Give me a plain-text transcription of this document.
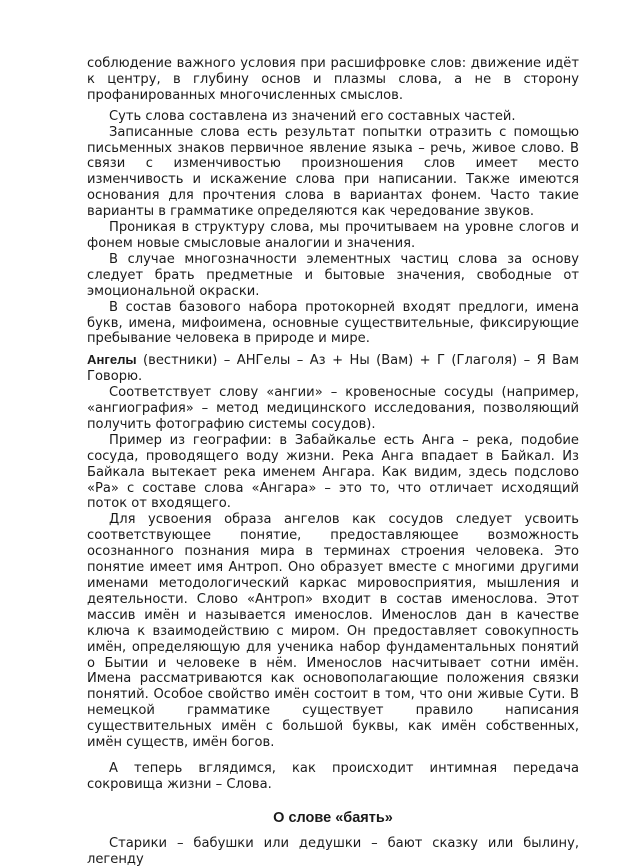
соблюдение важного условия при расшифровке слов: движение идёт к центру, в глубину основ и плазмы слова, а не в сторону профанированных многочисленных смыслов.

Суть слова составлена из значений его составных частей.

Записанные слова есть результат попытки отразить с помощью письменных знаков первичное явление языка – речь, живое слово. В связи с изменчивостью произношения слов имеет место изменчивость и искажение слова при написании. Также имеются основания для прочтения слова в вариантах фонем. Часто такие варианты в грамматике определяются как чередование звуков.

Проникая в структуру слова, мы прочитываем на уровне слогов и фонем новые смысловые аналогии и значения.

В случае многозначности элементных частиц слова за основу следует брать предметные и бытовые значения, свободные от эмоциональной окраски.

В состав базового набора протокорней входят предлоги, имена букв, имена, мифоимена, основные существительные, фиксирующие пребывание человека в природе и мире.

Ангелы (вестники) – АНГелы – Аз + Ны (Вам) + Г (Глаголя) – Я Вам Говорю.

Соответствует слову «ангии» – кровеносные сосуды (например, «ангиография» – метод медицинского исследования, позволяющий получить фотографию системы сосудов).

Пример из географии: в Забайкалье есть Анга – река, подобие сосуда, проводящего воду жизни. Река Анга впадает в Байкал. Из Байкала вытекает река именем Ангара. Как видим, здесь подслово «Ра» с составе слова «Ангара» – это то, что отличает исходящий поток от входящего.

Для усвоения образа ангелов как сосудов следует усвоить соответствующее понятие, предоставляющее возможность осознанного познания мира в терминах строения человека. Это понятие имеет имя Антроп. Оно образует вместе с многими другими именами методологический каркас мировосприятия, мышления и деятельности. Слово «Антроп» входит в состав именослова. Этот массив имён и называется именослов. Именослов дан в качестве ключа к взаимодействию с миром. Он предоставляет совокупность имён, определяющую для ученика набор фундаментальных понятий о Бытии и человеке в нём. Именослов насчитывает сотни имён. Имена рассматриваются как основополагающие положения связки понятий. Особое свойство имён состоит в том, что они живые Сути. В немецкой грамматике существует правило написания существительных имён с большой буквы, как имён собственных, имён существ, имён богов.

А теперь вглядимся, как происходит интимная передача сокровища жизни – Слова.

О слове «баять»

Старики – бабушки или дедушки – бают сказку или былину, легенду
